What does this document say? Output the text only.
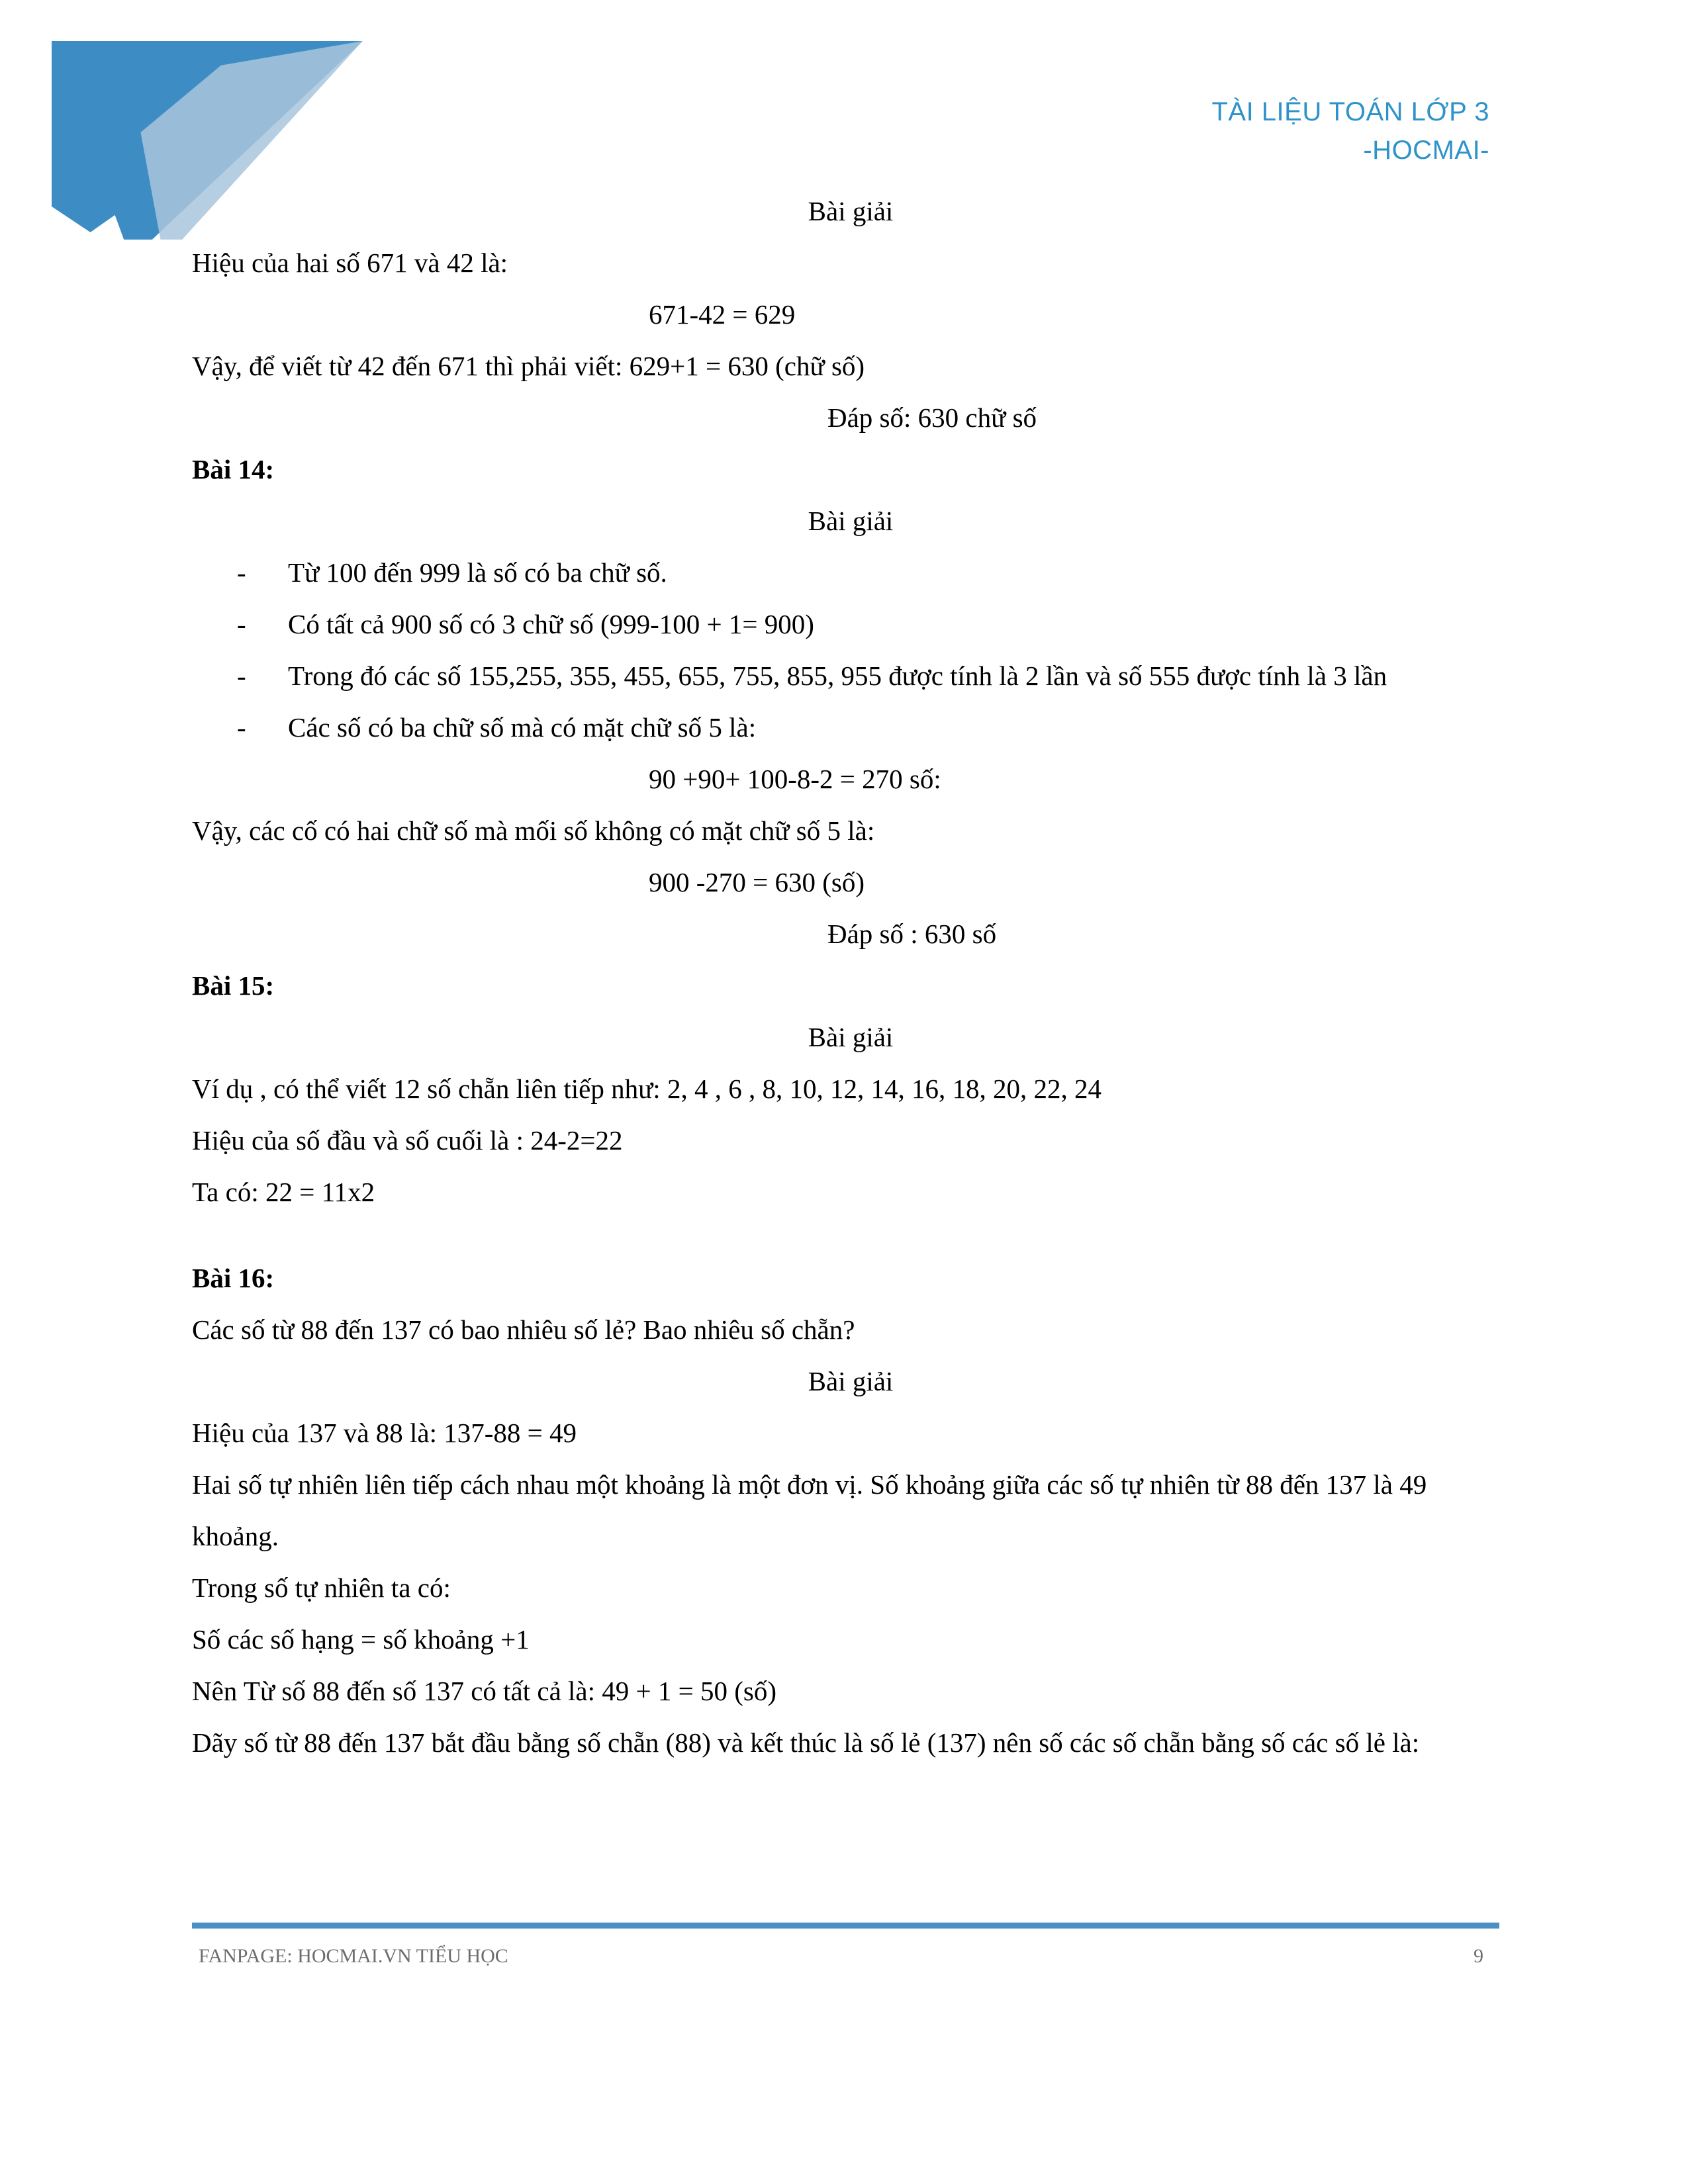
TÀI LIỆU TOÁN LỚP 3
-HOCMAI-

Bài giải

Hiệu của hai số 671 và 42 là:

671-42 = 629

Vậy, để viết từ 42 đến 671 thì phải viết: 629+1 = 630 (chữ số)

Đáp số: 630 chữ số

Bài 14:

Bài giải

- Từ 100 đến 999 là số có ba chữ số.
- Có tất cả 900 số có 3 chữ số (999-100 + 1= 900)
- Trong đó các số 155,255, 355, 455, 655, 755, 855, 955 được tính là 2 lần và số 555 được tính là 3 lần
- Các số có ba chữ số mà có mặt chữ số 5 là:

90 +90+ 100-8-2 = 270 số:

Vậy, các cố có hai chữ số mà mối số không có mặt chữ số 5 là:

900 -270 = 630 (số)

Đáp số : 630 số

Bài 15:

Bài giải

Ví dụ , có thể viết 12 số chẵn liên tiếp như: 2, 4 , 6 , 8, 10, 12, 14, 16, 18, 20, 22, 24

Hiệu của số đầu và số cuối là : 24-2=22

Ta có: 22 = 11x2

Bài 16:

Các số từ 88 đến 137 có bao nhiêu số lẻ? Bao nhiêu số chẵn?

Bài giải

Hiệu của 137 và 88 là: 137-88 = 49

Hai số tự nhiên liên tiếp cách nhau một khoảng là một đơn vị. Số khoảng giữa các số tự nhiên từ 88 đến 137 là 49 khoảng.

Trong số tự nhiên ta có:

Số các số hạng = số khoảng +1

Nên Từ số 88 đến số 137 có tất cả là: 49 + 1 = 50 (số)

Dãy số từ 88 đến 137 bắt đầu bằng số chẵn (88) và kết thúc là số lẻ (137) nên số các số chẵn bằng số các số lẻ là:

FANPAGE: HOCMAI.VN TIỂU HỌC	9
